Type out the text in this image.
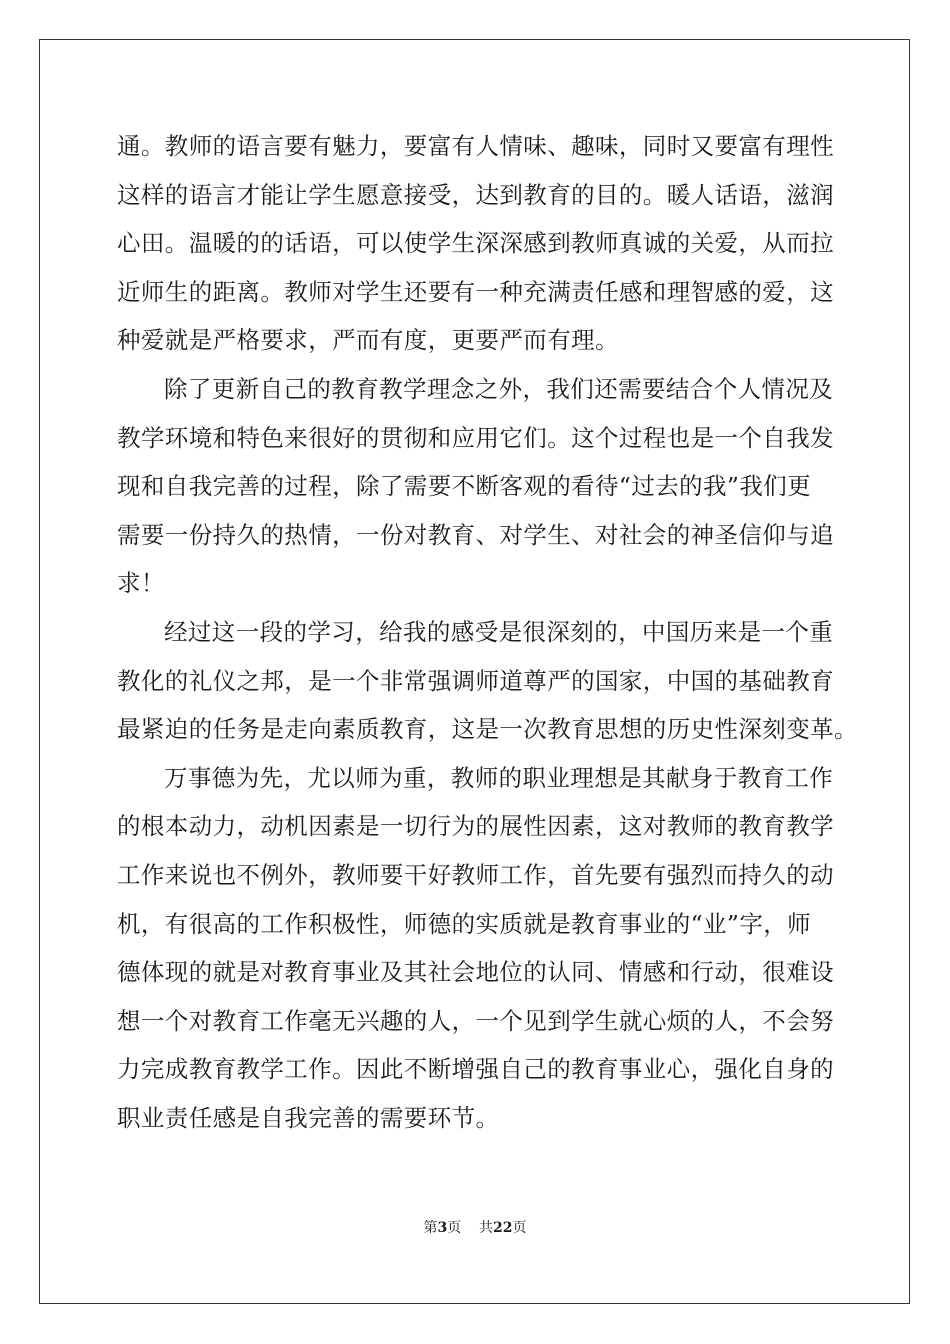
通。教师的语言要有魅力，要富有人情味、趣味，同时又要富有理性
这样的语言才能让学生愿意接受，达到教育的目的。暖人话语，滋润
心田。温暖的的话语，可以使学生深深感到教师真诚的关爱，从而拉
近师生的距离。教师对学生还要有一种充满责任感和理智感的爱，这
种爱就是严格要求，严而有度，更要严而有理。
除了更新自己的教育教学理念之外，我们还需要结合个人情况及
教学环境和特色来很好的贯彻和应用它们。这个过程也是一个自我发
现和自我完善的过程，除了需要不断客观的看待“过去的我”我们更
需要一份持久的热情，一份对教育、对学生、对社会的神圣信仰与追
求！
经过这一段的学习，给我的感受是很深刻的，中国历来是一个重
教化的礼仪之邦，是一个非常强调师道尊严的国家，中国的基础教育
最紧迫的任务是走向素质教育，这是一次教育思想的历史性深刻变革。
万事德为先，尤以师为重，教师的职业理想是其献身于教育工作
的根本动力，动机因素是一切行为的展性因素，这对教师的教育教学
工作来说也不例外，教师要干好教师工作，首先要有强烈而持久的动
机，有很高的工作积极性，师德的实质就是教育事业的“业”字，师
德体现的就是对教育事业及其社会地位的认同、情感和行动，很难设
想一个对教育工作毫无兴趣的人，一个见到学生就心烦的人，不会努
力完成教育教学工作。因此不断增强自己的教育事业心，强化自身的
职业责任感是自我完善的需要环节。
第3页 共22页
